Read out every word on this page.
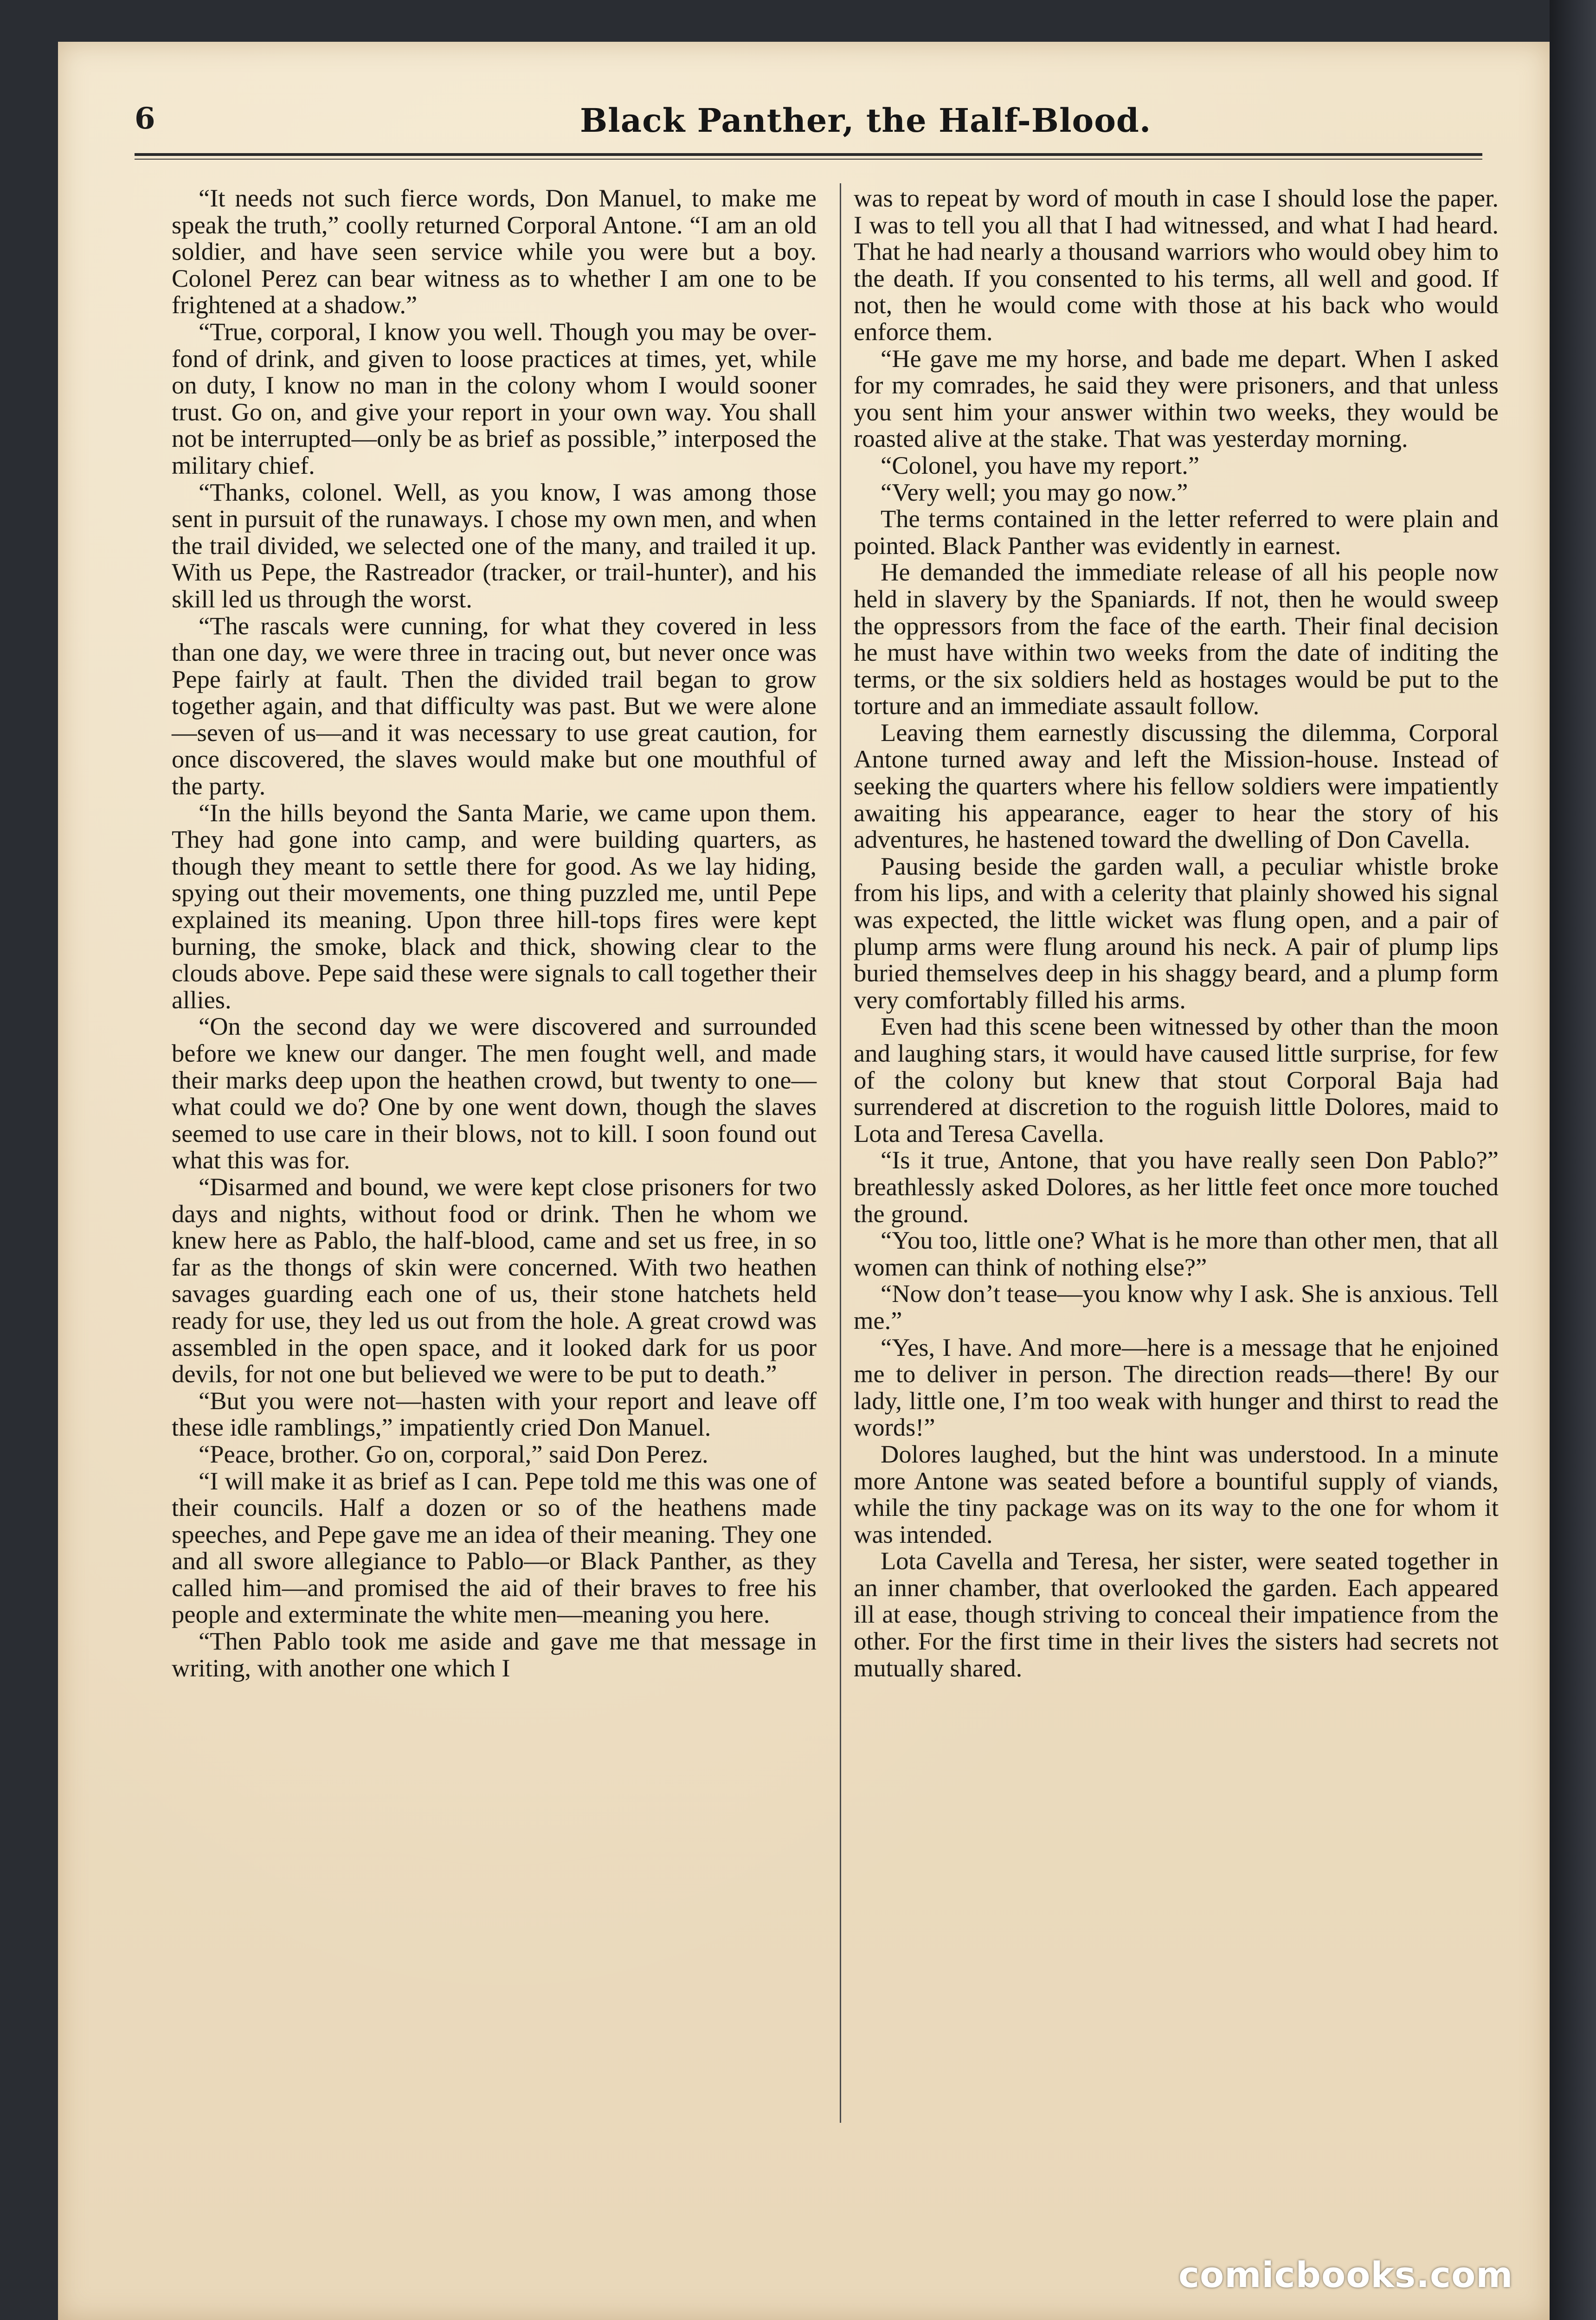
6	Black Panther, the Half-Blood.

“It needs not such fierce words, Don Manuel, to make me speak the truth,” coolly returned Corporal Antone. “I am an old soldier, and have seen service while you were but a boy. Colonel Perez can bear witness as to whether I am one to be frightened at a shadow.”

“True, corporal, I know you well. Though you may be over-fond of drink, and given to loose practices at times, yet, while on duty, I know no man in the colony whom I would sooner trust. Go on, and give your report in your own way. You shall not be interrupted—only be as brief as possible,” interposed the military chief.

“Thanks, colonel. Well, as you know, I was among those sent in pursuit of the runaways. I chose my own men, and when the trail divided, we selected one of the many, and trailed it up. With us Pepe, the Rastreador (tracker, or trail-hunter), and his skill led us through the worst.

“The rascals were cunning, for what they covered in less than one day, we were three in tracing out, but never once was Pepe fairly at fault. Then the divided trail began to grow together again, and that difficulty was past. But we were alone—seven of us—and it was necessary to use great caution, for once discovered, the slaves would make but one mouthful of the party.

“In the hills beyond the Santa Marie, we came upon them. They had gone into camp, and were building quarters, as though they meant to settle there for good. As we lay hiding, spying out their movements, one thing puzzled me, until Pepe explained its meaning. Upon three hill-tops fires were kept burning, the smoke, black and thick, showing clear to the clouds above. Pepe said these were signals to call together their allies.

“On the second day we were discovered and surrounded before we knew our danger. The men fought well, and made their marks deep upon the heathen crowd, but twenty to one—what could we do? One by one went down, though the slaves seemed to use care in their blows, not to kill. I soon found out what this was for.

“Disarmed and bound, we were kept close prisoners for two days and nights, without food or drink. Then he whom we knew here as Pablo, the half-blood, came and set us free, in so far as the thongs of skin were concerned. With two heathen savages guarding each one of us, their stone hatchets held ready for use, they led us out from the hole. A great crowd was assembled in the open space, and it looked dark for us poor devils, for not one but believed we were to be put to death.”

“But you were not—hasten with your report and leave off these idle ramblings,” impatiently cried Don Manuel.

“Peace, brother. Go on, corporal,” said Don Perez.

“I will make it as brief as I can. Pepe told me this was one of their councils. Half a dozen or so of the heathens made speeches, and Pepe gave me an idea of their meaning. They one and all swore allegiance to Pablo—or Black Panther, as they called him—and promised the aid of their braves to free his people and exterminate the white men—meaning you here.

“Then Pablo took me aside and gave me that message in writing, with another one which I

was to repeat by word of mouth in case I should lose the paper. I was to tell you all that I had witnessed, and what I had heard. That he had nearly a thousand warriors who would obey him to the death. If you consented to his terms, all well and good. If not, then he would come with those at his back who would enforce them.

“He gave me my horse, and bade me depart. When I asked for my comrades, he said they were prisoners, and that unless you sent him your answer within two weeks, they would be roasted alive at the stake. That was yesterday morning.

“Colonel, you have my report.”

“Very well; you may go now.”

The terms contained in the letter referred to were plain and pointed. Black Panther was evidently in earnest.

He demanded the immediate release of all his people now held in slavery by the Spaniards. If not, then he would sweep the oppressors from the face of the earth. Their final decision he must have within two weeks from the date of inditing the terms, or the six soldiers held as hostages would be put to the torture and an immediate assault follow.

Leaving them earnestly discussing the dilemma, Corporal Antone turned away and left the Mission-house. Instead of seeking the quarters where his fellow soldiers were impatiently awaiting his appearance, eager to hear the story of his adventures, he hastened toward the dwelling of Don Cavella.

Pausing beside the garden wall, a peculiar whistle broke from his lips, and with a celerity that plainly showed his signal was expected, the little wicket was flung open, and a pair of plump arms were flung around his neck. A pair of plump lips buried themselves deep in his shaggy beard, and a plump form very comfortably filled his arms.

Even had this scene been witnessed by other than the moon and laughing stars, it would have caused little surprise, for few of the colony but knew that stout Corporal Baja had surrendered at discretion to the roguish little Dolores, maid to Lota and Teresa Cavella.

“Is it true, Antone, that you have really seen Don Pablo?” breathlessly asked Dolores, as her little feet once more touched the ground.

“You too, little one? What is he more than other men, that all women can think of nothing else?”

“Now don’t tease—you know why I ask. She is anxious. Tell me.”

“Yes, I have. And more—here is a message that he enjoined me to deliver in person. The direction reads—there! By our lady, little one, I’m too weak with hunger and thirst to read the words!”

Dolores laughed, but the hint was understood. In a minute more Antone was seated before a bountiful supply of viands, while the tiny package was on its way to the one for whom it was intended.

Lota Cavella and Teresa, her sister, were seated together in an inner chamber, that overlooked the garden. Each appeared ill at ease, though striving to conceal their impatience from the other. For the first time in their lives the sisters had secrets not mutually shared.

comicbooks.com
